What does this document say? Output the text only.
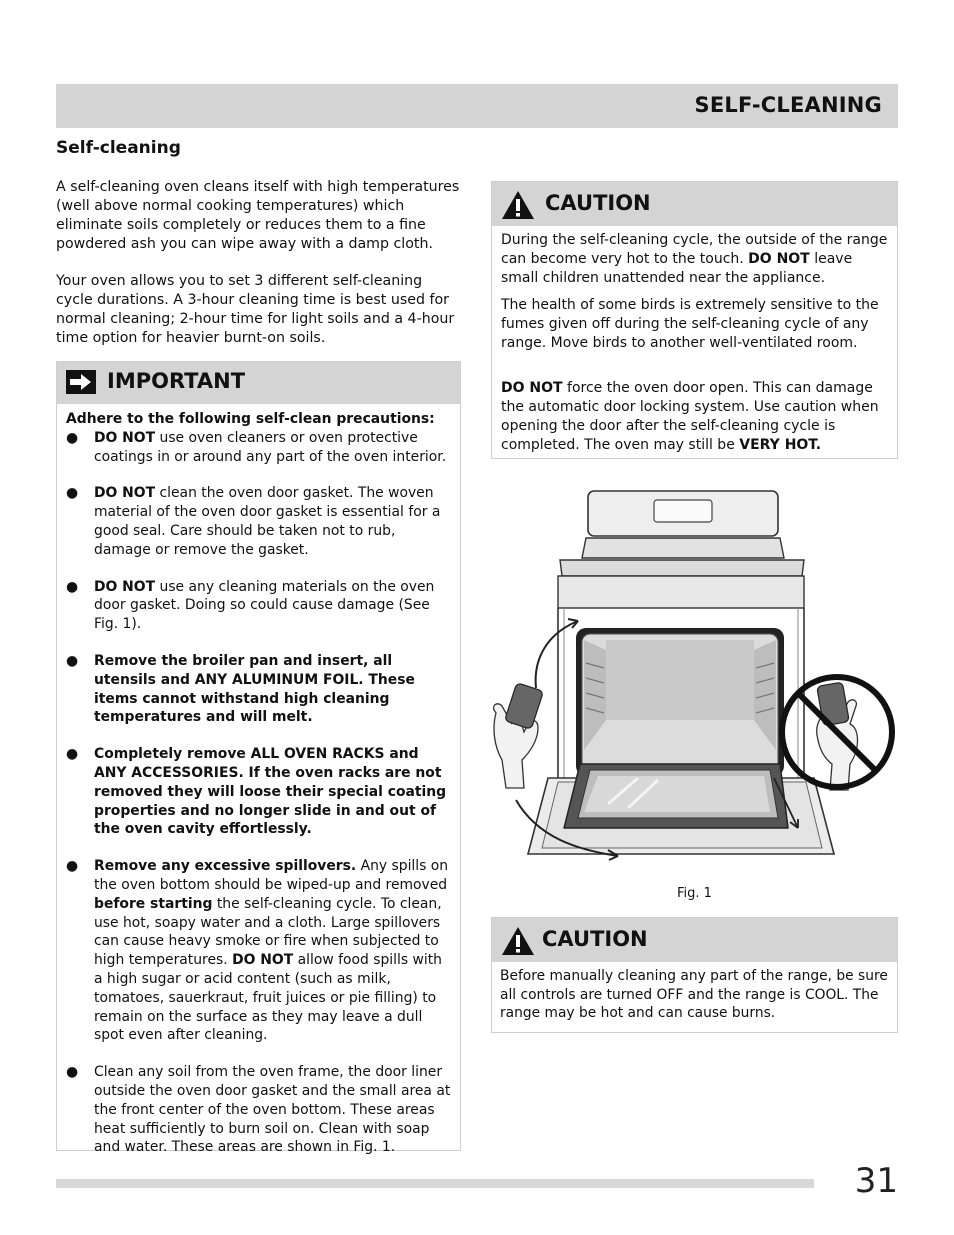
SELF-CLEANING
Self-cleaning

A self-cleaning oven cleans itself with high temperatures (well above normal cooking temperatures) which eliminate soils completely or reduces them to a fine powdered ash you can wipe away with a damp cloth.

Your oven allows you to set 3 different self-cleaning cycle durations. A 3-hour cleaning time is best used for normal cleaning; 2-hour time for light soils and a 4-hour time option for heavier burnt-on soils.

IMPORTANT
Adhere to the following self-clean precautions:
● DO NOT use oven cleaners or oven protective coatings in or around any part of the oven interior.
● DO NOT clean the oven door gasket. The woven material of the oven door gasket is essential for a good seal. Care should be taken not to rub, damage or remove the gasket.
● DO NOT use any cleaning materials on the oven door gasket. Doing so could cause damage (See Fig. 1).
● Remove the broiler pan and insert, all utensils and ANY ALUMINUM FOIL. These items cannot withstand high cleaning temperatures and will melt.
● Completely remove ALL OVEN RACKS and ANY ACCESSORIES. If the oven racks are not removed they will loose their special coating properties and no longer slide in and out of the oven cavity effortlessly.
● Remove any excessive spillovers. Any spills on the oven bottom should be wiped-up and removed before starting the self-cleaning cycle. To clean, use hot, soapy water and a cloth. Large spillovers can cause heavy smoke or fire when subjected to high temperatures. DO NOT allow food spills with a high sugar or acid content (such as milk, tomatoes, sauerkraut, fruit juices or pie filling) to remain on the surface as they may leave a dull spot even after cleaning.
● Clean any soil from the oven frame, the door liner outside the oven door gasket and the small area at the front center of the oven bottom. These areas heat sufficiently to burn soil on. Clean with soap and water. These areas are shown in Fig. 1.
CAUTION

During the self-cleaning cycle, the outside of the range can become very hot to the touch. DO NOT leave small children unattended near the appliance.

The health of some birds is extremely sensitive to the fumes given off during the self-cleaning cycle of any range. Move birds to another well-ventilated room.

DO NOT force the oven door open. This can damage the automatic door locking system. Use caution when opening the door after the self-cleaning cycle is completed. The oven may still be VERY HOT.

Fig. 1
CAUTION

Before manually cleaning any part of the range, be sure all controls are turned OFF and the range is COOL. The range may be hot and can cause burns.

31
